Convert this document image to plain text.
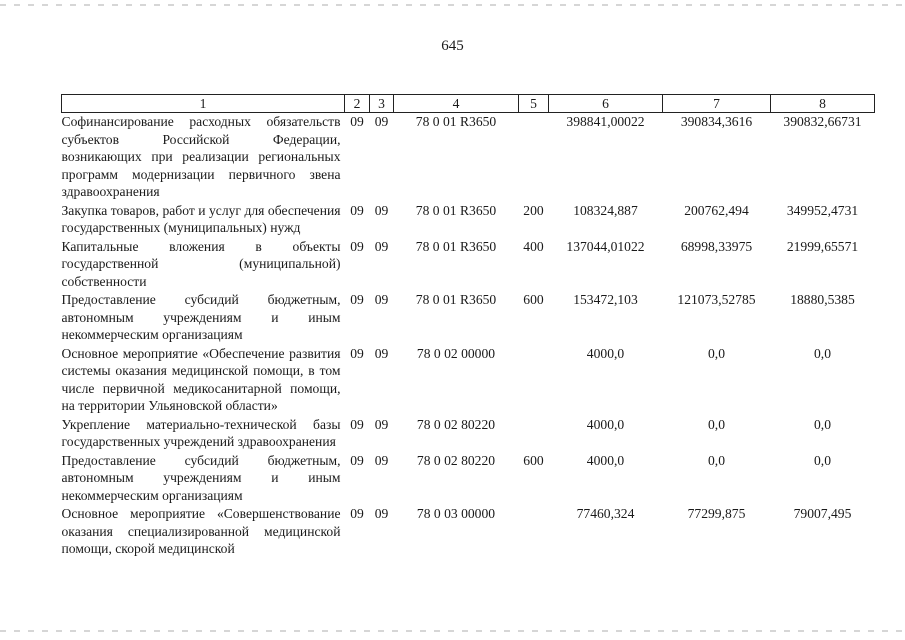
645
1	2	3	4	5	6	7	8
Софинансирование расходных обязательств субъектов Российской Федерации, возникающих при реализации региональных программ модернизации первичного звена здравоохранения	09	09	78 0 01 R3650		398841,00022	390834,3616	390832,66731
Закупка товаров, работ и услуг для обеспечения государственных (муниципальных) нужд	09	09	78 0 01 R3650	200	108324,887	200762,494	349952,4731
Капитальные вложения в объекты государственной (муниципальной) собственности	09	09	78 0 01 R3650	400	137044,01022	68998,33975	21999,65571
Предоставление субсидий бюджетным, автономным учреждениям и иным некоммерческим организациям	09	09	78 0 01 R3650	600	153472,103	121073,52785	18880,5385
Основное мероприятие «Обеспечение развития системы оказания медицинской помощи, в том числе первичной медикосанитарной помощи, на территории Ульяновской области»	09	09	78 0 02 00000		4000,0	0,0	0,0
Укрепление материально-технической базы государственных учреждений здравоохранения	09	09	78 0 02 80220		4000,0	0,0	0,0
Предоставление субсидий бюджетным, автономным учреждениям и иным некоммерческим организациям	09	09	78 0 02 80220	600	4000,0	0,0	0,0
Основное мероприятие «Совершенствование оказания специализированной медицинской помощи, скорой медицинской	09	09	78 0 03 00000		77460,324	77299,875	79007,495
